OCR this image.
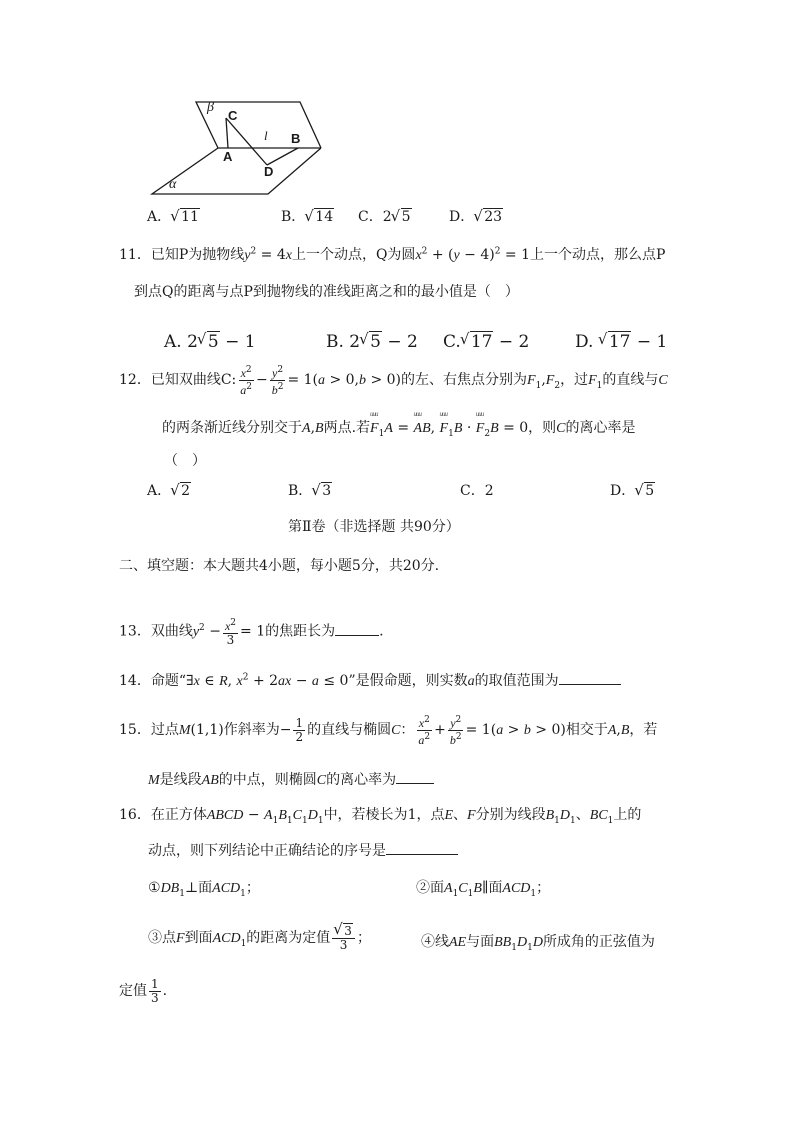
β
C
l B
A
D
α
A． √ 11	B． √ 14 C．2 √ 5	D． √ 23
11．已知P为抛物线$y^2 = 4x$上一个动点，Q为圆$x^2 + (y - 4)^2 = 1$上一个动点，那么点P
到点Q的距离与点P到抛物线的准线距离之和的最小值是（　）
A. 2 √ 5 − 1	B. 2 √ 5 − 2 C. √ 17 − 2	D. √ 17 − 1
12．已知双曲线C: $\frac{x^2}{a^2} - \frac{y^2}{b^2} = 1(a > 0,b > 0)$的左、右焦点分别为$F_1,F_2$，过$F_1$的直线与C
的两条渐近线分别交于A,B两点.若uuu $F_1A$ = uuu AB, uuu $F_1B$ · uuu $F_2B = 0$，则C的离心率是
（　）
A． √ 2	B． √ 3	C．2	D． √ 5
第Ⅱ卷（非选择题 共90分）
二、填空题：本大题共4小题，每小题5分，共20分.
13．双曲线$y^2 - \frac{x^2}{3} = 1$的焦距长为	.
14．命题“∃x ∈ R, $x^2 + 2ax - a \le 0$”是假命题，则实数a的取值范围为
15．过点M(1,1)作斜率为− $\frac{1}{2}$ 的直线与椭圆C： $\frac{x^2}{a^2} + \frac{y^2}{b^2} = 1(a > b > 0)$相交于A,B，若
M是线段AB的中点，则椭圆C的离心率为
16．在正方体ABCD − $A_1B_1C_1D_1$中，若棱长为1，点E、F分别为线段$B_1D_1$、$BC_1$上的
动点，则下列结论中正确结论的序号是
$①DB_1\perp$面$ACD_1$；	②面$A_1C_1B\parallel$面$ACD_1$；
③点F到面$ACD_1$的距离为定值 √ $\frac{3}{3}$ ；	④线AE与面$BB_1D_1D$所成角的正弦值为
定值 $\frac{1}{3}$ .
